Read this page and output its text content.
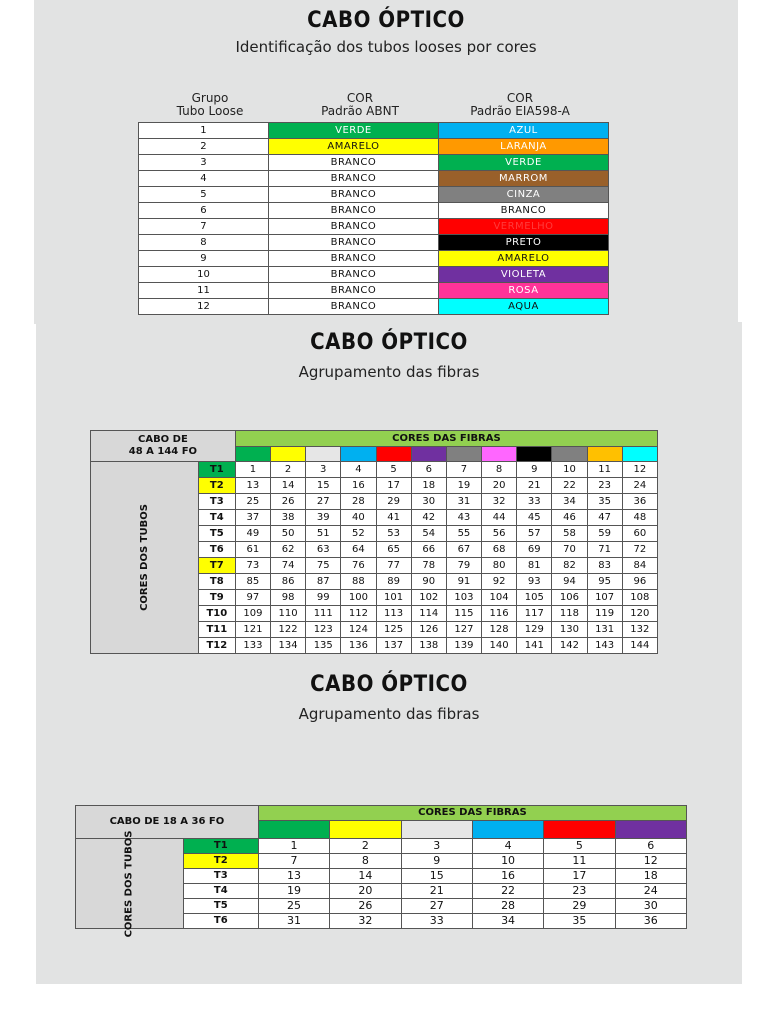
CABO ÓPTICO
Identificação dos tubos looses por cores
Grupo
Tubo Loose
COR
Padrão ABNT
COR
Padrão EIA598-A
1	VERDE	AZUL
2	AMARELO	LARANJA
3	BRANCO	VERDE
4	BRANCO	MARROM
5	BRANCO	CINZA
6	BRANCO	BRANCO
7	BRANCO	VERMELHO
8	BRANCO	PRETO
9	BRANCO	AMARELO
10	BRANCO	VIOLETA
11	BRANCO	ROSA
12	BRANCO	AQUA
CABO ÓPTICO
Agrupamento das fibras
CABO DE
48 A 144 FO		CORES DAS FIBRAS											

CORES DOS TUBOS	T1	1	2	3	4	5	6	7	8	9	10	11	12
	T2	13	14	15	16	17	18	19	20	21	22	23	24
	T3	25	26	27	28	29	30	31	32	33	34	35	36
	T4	37	38	39	40	41	42	43	44	45	46	47	48
	T5	49	50	51	52	53	54	55	56	57	58	59	60
	T6	61	62	63	64	65	66	67	68	69	70	71	72
	T7	73	74	75	76	77	78	79	80	81	82	83	84
	T8	85	86	87	88	89	90	91	92	93	94	95	96
	T9	97	98	99	100	101	102	103	104	105	106	107	108
	T10	109	110	111	112	113	114	115	116	117	118	119	120
	T11	121	122	123	124	125	126	127	128	129	130	131	132
	T12	133	134	135	136	137	138	139	140	141	142	143	144
CABO ÓPTICO
Agrupamento das fibras
CABO DE 18 A 36 FO		CORES DAS FIBRAS					

CORES DOS TUBOS	T1	1	2	3	4	5	6
	T2	7	8	9	10	11	12
	T3	13	14	15	16	17	18
	T4	19	20	21	22	23	24
	T5	25	26	27	28	29	30
	T6	31	32	33	34	35	36
